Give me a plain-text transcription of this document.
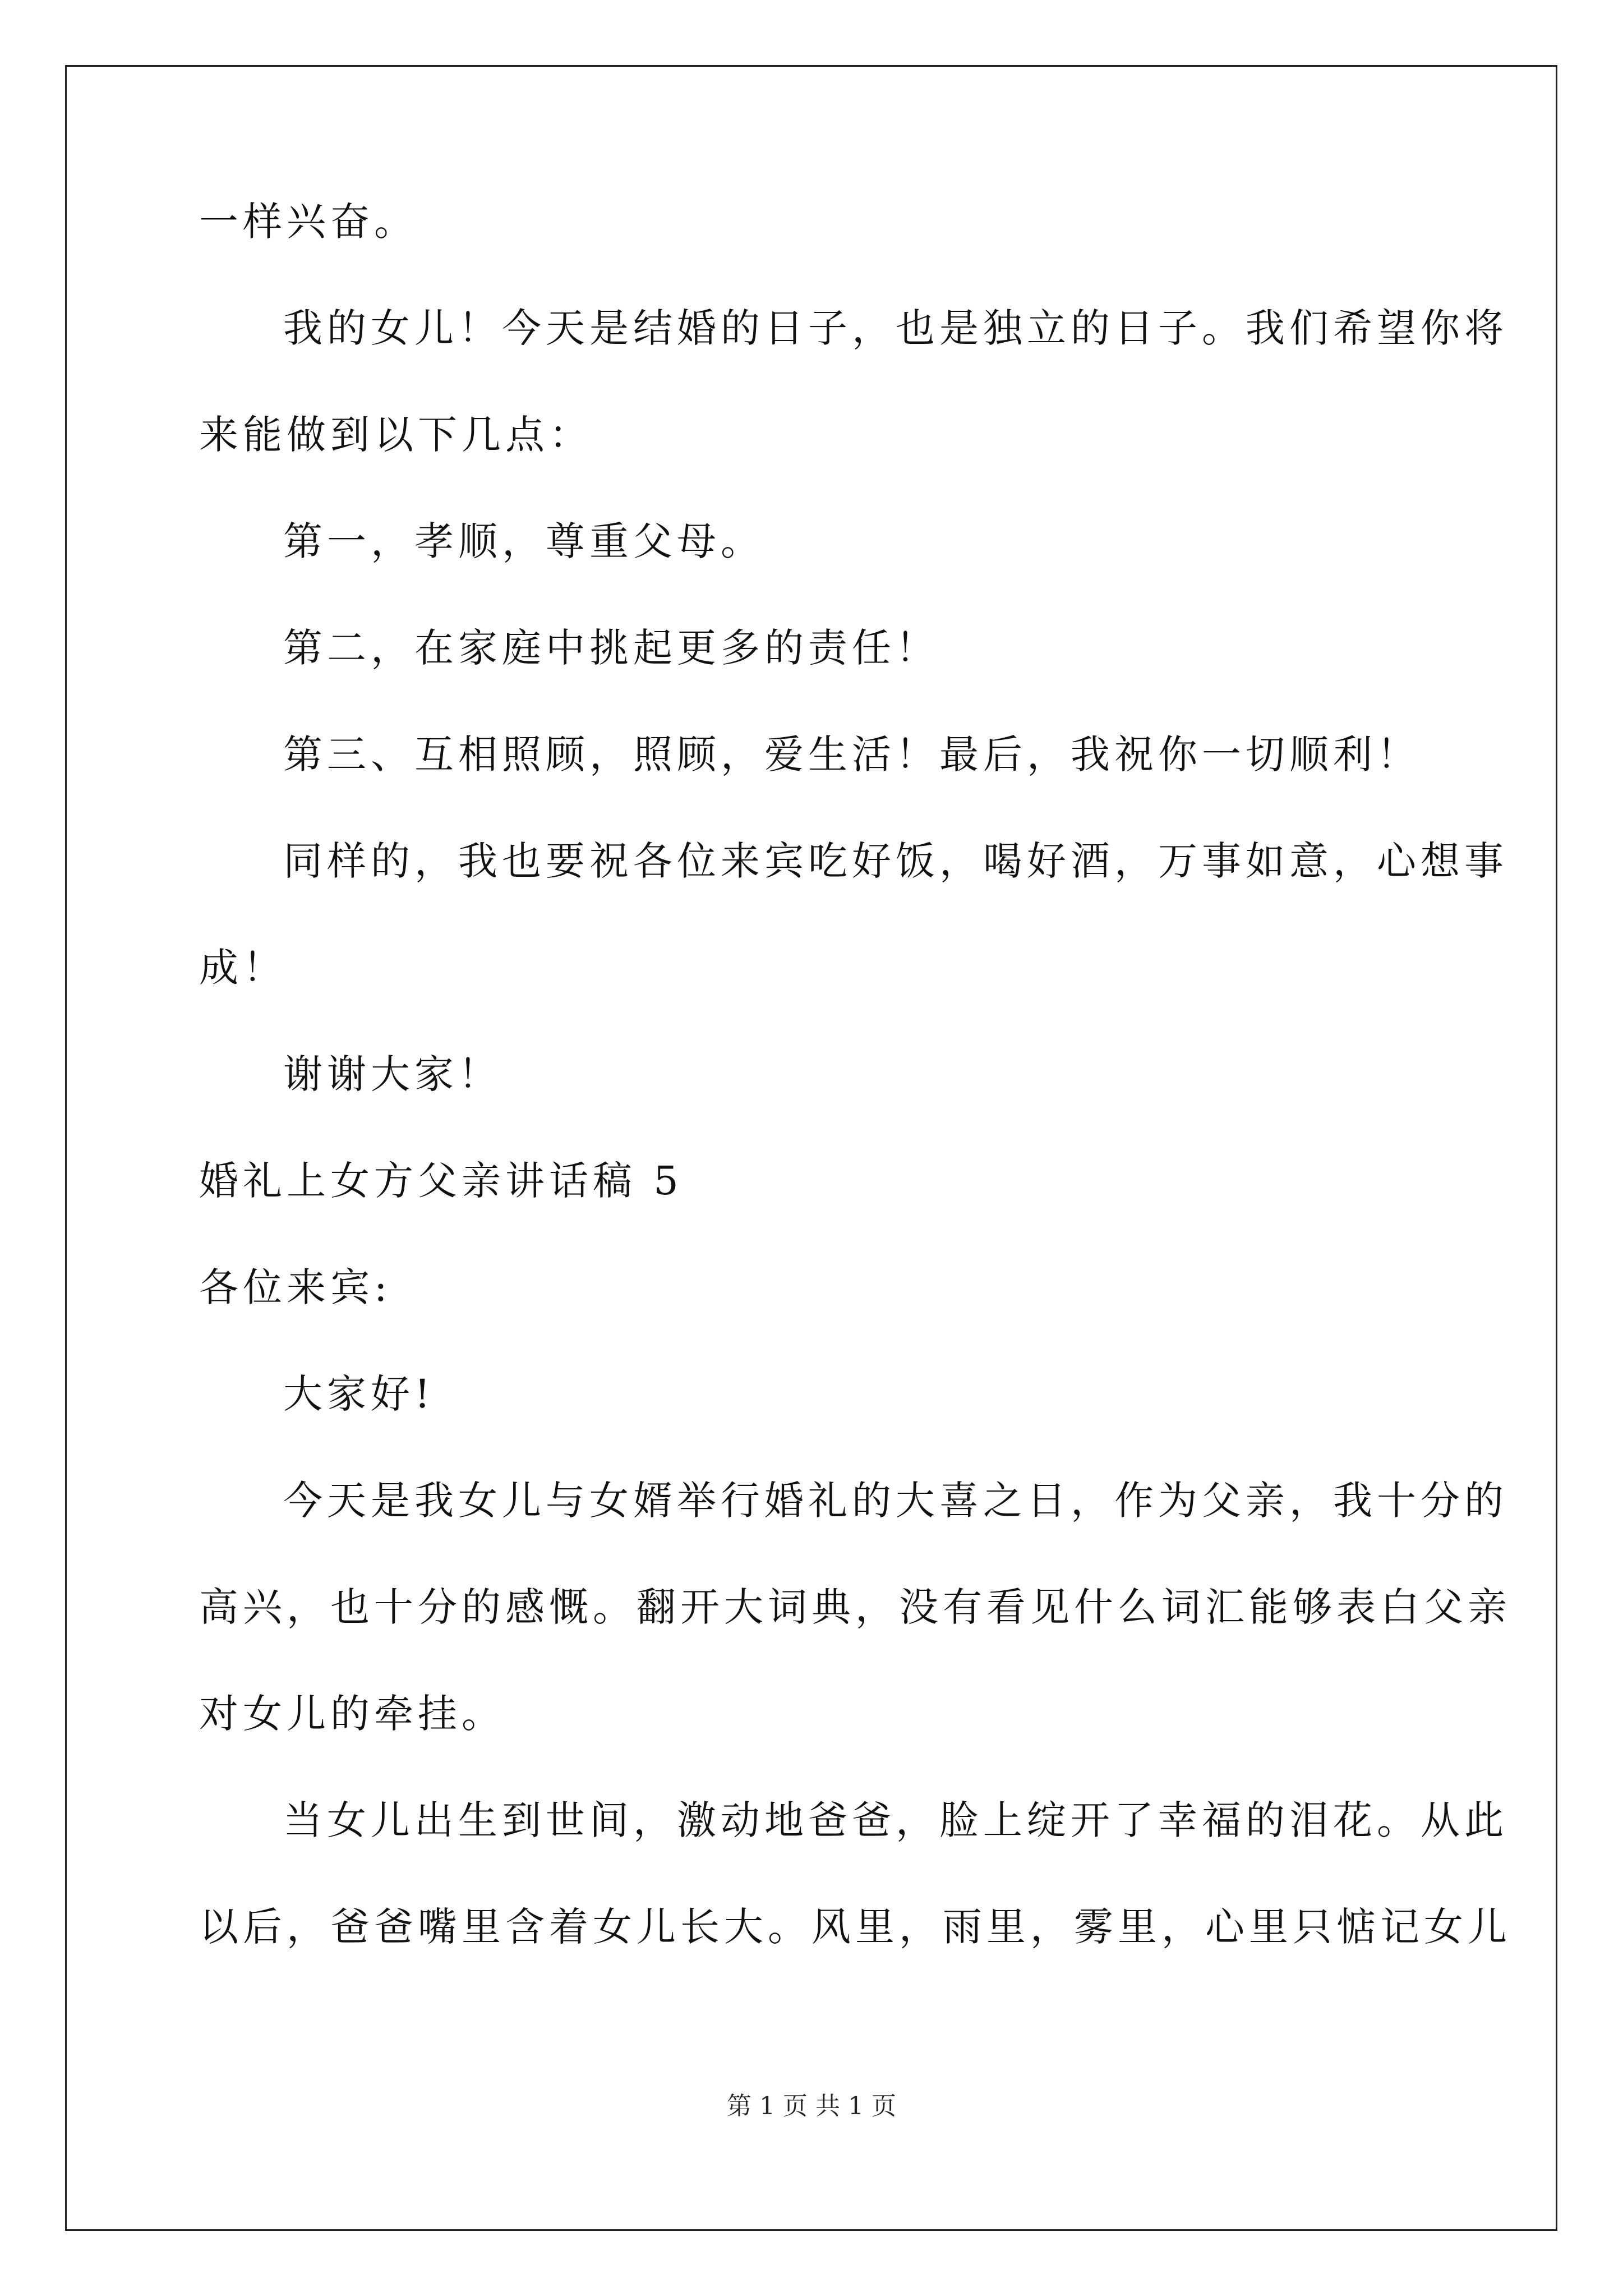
一样兴奋。
我的女儿！今天是结婚的日子，也是独立的日子。我们希望你将
来能做到以下几点：
第一，孝顺，尊重父母。
第二，在家庭中挑起更多的责任！
第三、互相照顾，照顾，爱生活！最后，我祝你一切顺利！
同样的，我也要祝各位来宾吃好饭，喝好酒，万事如意，心想事
成！
谢谢大家！
婚礼上女方父亲讲话稿 5
各位来宾:
大家好!
今天是我女儿与女婿举行婚礼的大喜之日，作为父亲，我十分的
高兴，也十分的感慨。翻开大词典，没有看见什么词汇能够表白父亲
对女儿的牵挂。
当女儿出生到世间，激动地爸爸，脸上绽开了幸福的泪花。从此
以后，爸爸嘴里含着女儿长大。风里，雨里，雾里，心里只惦记女儿
第 1 页 共 1 页
